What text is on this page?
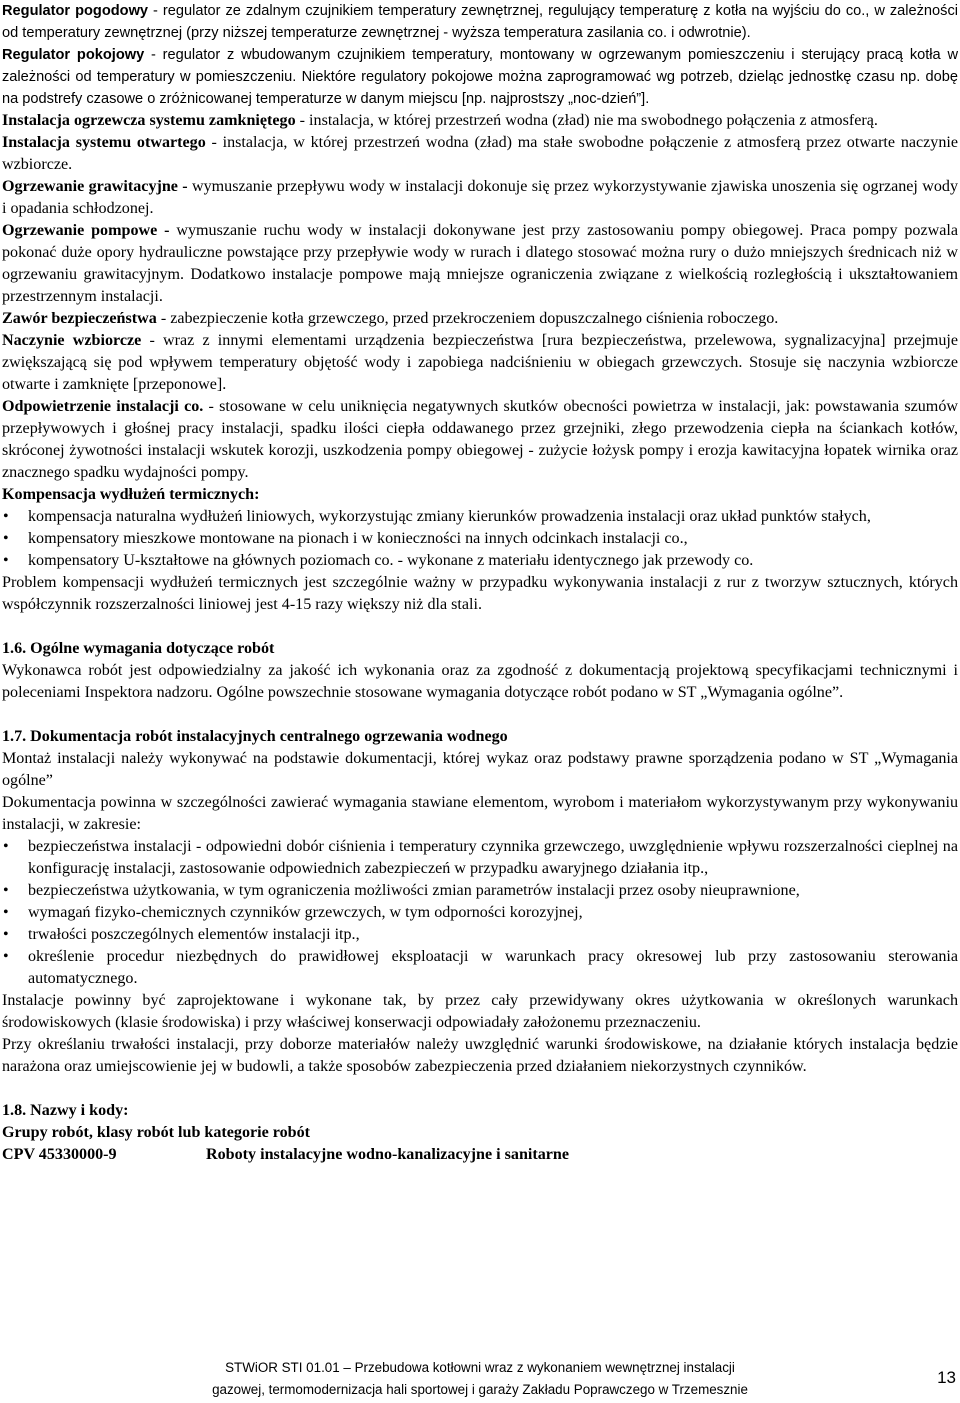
Regulator pogodowy - regulator ze zdalnym czujnikiem temperatury zewnętrznej, regulujący temperaturę z kotła na wyjściu do co., w zależności od temperatury zewnętrznej (przy niższej temperaturze zewnętrznej - wyższa temperatura zasilania co. i odwrotnie).

Regulator pokojowy - regulator z wbudowanym czujnikiem temperatury, montowany w ogrzewanym pomieszczeniu i sterujący pracą kotła w zależności od temperatury w pomieszczeniu. Niektóre regulatory pokojowe można zaprogramować wg potrzeb, dzieląc jednostkę czasu np. dobę na podstrefy czasowe o zróżnicowanej temperaturze w danym miejscu [np. najprostszy „noc-dzień”].

Instalacja ogrzewcza systemu zamkniętego - instalacja, w której przestrzeń wodna (zład) nie ma swobodnego połączenia z atmosferą.

Instalacja systemu otwartego - instalacja, w której przestrzeń wodna (zład) ma stałe swobodne połączenie z atmosferą przez otwarte naczynie wzbiorcze.

Ogrzewanie grawitacyjne - wymuszanie przepływu wody w instalacji dokonuje się przez wykorzystywanie zjawiska unoszenia się ogrzanej wody i opadania schłodzonej.

Ogrzewanie pompowe - wymuszanie ruchu wody w instalacji dokonywane jest przy zastosowaniu pompy obiegowej. Praca pompy pozwala pokonać duże opory hydrauliczne powstające przy przepływie wody w rurach i dlatego stosować można rury o dużo mniejszych średnicach niż w ogrzewaniu grawitacyjnym. Dodatkowo instalacje pompowe mają mniejsze ograniczenia związane z wielkością rozległością i ukształtowaniem przestrzennym instalacji.

Zawór bezpieczeństwa - zabezpieczenie kotła grzewczego, przed przekroczeniem dopuszczalnego ciśnienia roboczego.

Naczynie wzbiorcze - wraz z innymi elementami urządzenia bezpieczeństwa [rura bezpieczeństwa, przelewowa, sygnalizacyjna] przejmuje zwiększającą się pod wpływem temperatury objętość wody i zapobiega nadciśnieniu w obiegach grzewczych. Stosuje się naczynia wzbiorcze otwarte i zamknięte [przeponowe].

Odpowietrzenie instalacji co. - stosowane w celu uniknięcia negatywnych skutków obecności powietrza w instalacji, jak: powstawania szumów przepływowych i głośnej pracy instalacji, spadku ilości ciepła oddawanego przez grzejniki, złego przewodzenia ciepła na ściankach kotłów, skróconej żywotności instalacji wskutek korozji, uszkodzenia pompy obiegowej - zużycie łożysk pompy i erozja kawitacyjna łopatek wirnika oraz znacznego spadku wydajności pompy.

Kompensacja wydłużeń termicznych:

• kompensacja naturalna wydłużeń liniowych, wykorzystując zmiany kierunków prowadzenia instalacji oraz układ punktów stałych,
• kompensatory mieszkowe montowane na pionach i w konieczności na innych odcinkach instalacji co.,
• kompensatory U-kształtowe na głównych poziomach co. - wykonane z materiału identycznego jak przewody co.

Problem kompensacji wydłużeń termicznych jest szczególnie ważny w przypadku wykonywania instalacji z rur z tworzyw sztucznych, których współczynnik rozszerzalności liniowej jest 4-15 razy większy niż dla stali.

1.6. Ogólne wymagania dotyczące robót

Wykonawca robót jest odpowiedzialny za jakość ich wykonania oraz za zgodność z dokumentacją projektową specyfikacjami technicznymi i poleceniami Inspektora nadzoru. Ogólne powszechnie stosowane wymagania dotyczące robót podano w ST „Wymagania ogólne”.

1.7. Dokumentacja robót instalacyjnych centralnego ogrzewania wodnego

Montaż instalacji należy wykonywać na podstawie dokumentacji, której wykaz oraz podstawy prawne sporządzenia podano w ST „Wymagania ogólne”

Dokumentacja powinna w szczególności zawierać wymagania stawiane elementom, wyrobom i materiałom wykorzystywanym przy wykonywaniu instalacji, w zakresie:

• bezpieczeństwa instalacji - odpowiedni dobór ciśnienia i temperatury czynnika grzewczego, uwzględnienie wpływu rozszerzalności cieplnej na konfigurację instalacji, zastosowanie odpowiednich zabezpieczeń w przypadku awaryjnego działania itp.,
• bezpieczeństwa użytkowania, w tym ograniczenia możliwości zmian parametrów instalacji przez osoby nieuprawnione,
• wymagań fizyko-chemicznych czynników grzewczych, w tym odporności korozyjnej,
• trwałości poszczególnych elementów instalacji itp.,
• określenie procedur niezbędnych do prawidłowej eksploatacji w warunkach pracy okresowej lub przy zastosowaniu sterowania automatycznego.

Instalacje powinny być zaprojektowane i wykonane tak, by przez cały przewidywany okres użytkowania w określonych warunkach środowiskowych (klasie środowiska) i przy właściwej konserwacji odpowiadały założonemu przeznaczeniu.

Przy określaniu trwałości instalacji, przy doborze materiałów należy uwzględnić warunki środowiskowe, na działanie których instalacja będzie narażona oraz umiejscowienie jej w budowli, a także sposobów zabezpieczenia przed działaniem niekorzystnych czynników.

1.8. Nazwy i kody:

Grupy robót, klasy robót lub kategorie robót

CPV 45330000-9	Roboty instalacyjne wodno-kanalizacyjne i sanitarne
STWiOR STI 01.01 – Przebudowa kotłowni wraz z wykonaniem wewnętrznej instalacji
gazowej, termomodernizacja hali sportowej i garaży Zakładu Poprawczego w Trzemesznie
13
